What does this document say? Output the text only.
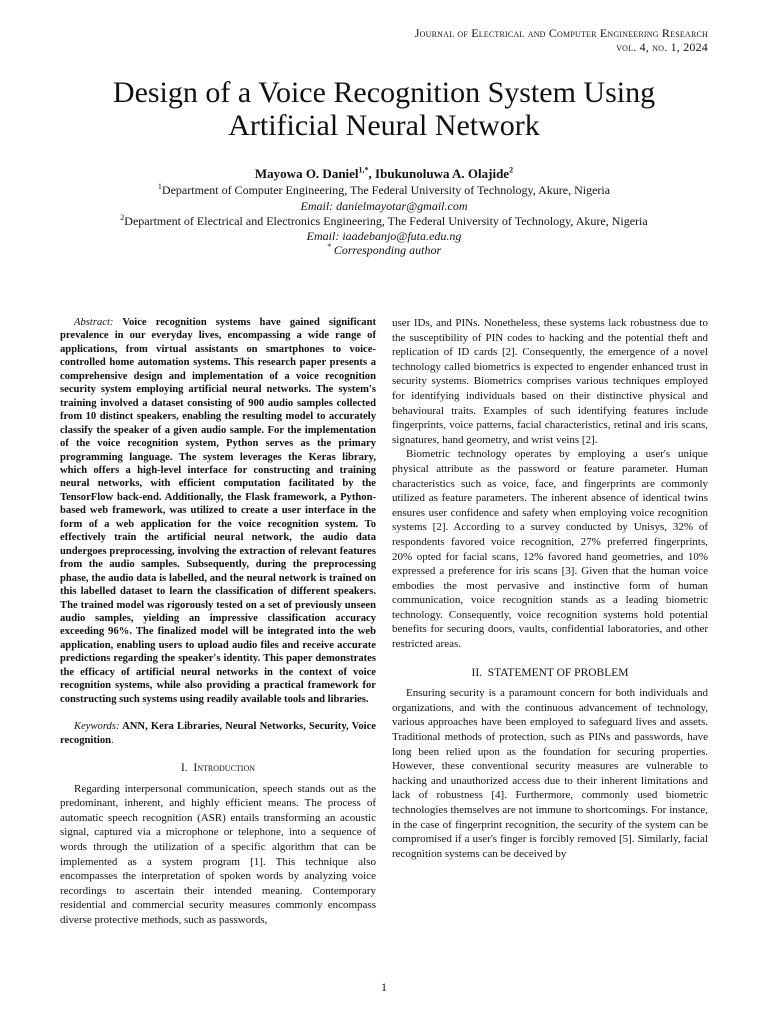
Journal of Electrical and Computer Engineering Research
vol. 4, no. 1, 2024
Design of a Voice Recognition System Using
Artificial Neural Network
Mayowa O. Daniel$^{1,*}$, Ibukunoluwa A. Olajide$^2$
$^1$Department of Computer Engineering, The Federal University of Technology, Akure, Nigeria
Email: danielmayotar@gmail.com
$^2$Department of Electrical and Electronics Engineering, The Federal University of Technology, Akure, Nigeria
Email: iaadebanjo@futa.edu.ng
* Corresponding author

Abstract: Voice recognition systems have gained significant prevalence in our everyday lives, encompassing a wide range of applications, from virtual assistants on smartphones to voice-controlled home automation systems. This research paper presents a comprehensive design and implementation of a voice recognition security system employing artificial neural networks. The system's training involved a dataset consisting of 900 audio samples collected from 10 distinct speakers, enabling the resulting model to accurately classify the speaker of a given audio sample. For the implementation of the voice recognition system, Python serves as the primary programming language. The system leverages the Keras library, which offers a high-level interface for constructing and training neural networks, with efficient computation facilitated by the TensorFlow back-end. Additionally, the Flask framework, a Python-based web framework, was utilized to create a user interface in the form of a web application for the voice recognition system. To effectively train the artificial neural network, the audio data undergoes preprocessing, involving the extraction of relevant features from the audio samples. Subsequently, during the preprocessing phase, the audio data is labelled, and the neural network is trained on this labelled dataset to learn the classification of different speakers. The trained model was rigorously tested on a set of previously unseen audio samples, yielding an impressive classification accuracy exceeding 96%. The finalized model will be integrated into the web application, enabling users to upload audio files and receive accurate predictions regarding the speaker's identity. This paper demonstrates the efficacy of artificial neural networks in the context of voice recognition systems, while also providing a practical framework for constructing such systems using readily available tools and libraries.

Keywords: ANN, Kera Libraries, Neural Networks, Security, Voice recognition.

I. Introduction

Regarding interpersonal communication, speech stands out as the predominant, inherent, and highly efficient means. The process of automatic speech recognition (ASR) entails transforming an acoustic signal, captured via a microphone or telephone, into a sequence of words through the utilization of a specific algorithm that can be implemented as a system program [1]. This technique also encompasses the interpretation of spoken words by analyzing voice recordings to ascertain their intended meaning. Contemporary residential and commercial security measures commonly encompass diverse protective methods, such as passwords,

user IDs, and PINs. Nonetheless, these systems lack robustness due to the susceptibility of PIN codes to hacking and the potential theft and replication of ID cards [2]. Consequently, the emergence of a novel technology called biometrics is expected to engender enhanced trust in security systems. Biometrics comprises various techniques employed for identifying individuals based on their distinctive physical and behavioural traits. Examples of such identifying features include fingerprints, voice patterns, facial characteristics, retinal and iris scans, signatures, hand geometry, and wrist veins [2].

Biometric technology operates by employing a user's unique physical attribute as the password or feature parameter. Human characteristics such as voice, face, and fingerprints are commonly utilized as feature parameters. The inherent absence of identical twins ensures user confidence and safety when employing voice recognition systems [2]. According to a survey conducted by Unisys, 32% of respondents favored voice recognition, 27% preferred fingerprints, 20% opted for facial scans, 12% favored hand geometries, and 10% expressed a preference for iris scans [3]. Given that the human voice embodies the most pervasive and instinctive form of human communication, voice recognition stands as a leading biometric technology. Consequently, voice recognition systems hold potential benefits for securing doors, vaults, confidential laboratories, and other restricted areas.

II. STATEMENT OF PROBLEM

Ensuring security is a paramount concern for both individuals and organizations, and with the continuous advancement of technology, various approaches have been employed to safeguard lives and assets. Traditional methods of protection, such as PINs and passwords, have long been relied upon as the foundation for securing properties. However, these conventional security measures are vulnerable to hacking and unauthorized access due to their inherent limitations and lack of robustness [4]. Furthermore, commonly used biometric technologies themselves are not immune to shortcomings. For instance, in the case of fingerprint recognition, the security of the system can be compromised if a user's finger is forcibly removed [5]. Similarly, facial recognition systems can be deceived by

1
